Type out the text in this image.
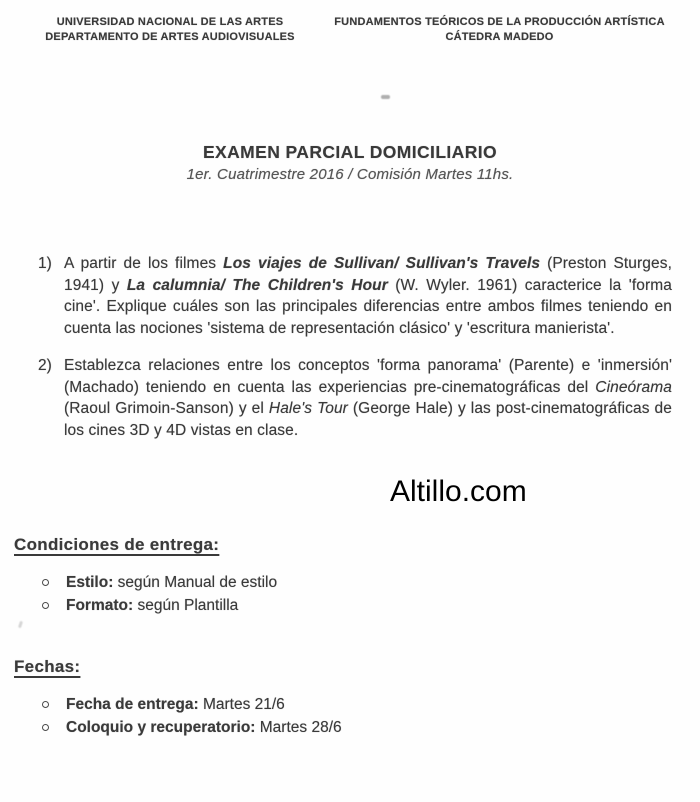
UNIVERSIDAD NACIONAL DE LAS ARTES
DEPARTAMENTO DE ARTES AUDIOVISUALES
FUNDAMENTOS TEÓRICOS DE LA PRODUCCIÓN ARTÍSTICA
CÁTEDRA MADEDO
EXAMEN PARCIAL DOMICILIARIO
1er. Cuatrimestre 2016 / Comisión Martes 11hs.
1) A partir de los filmes Los viajes de Sullivan/ Sullivan's Travels (Preston Sturges, 1941) y La calumnia/ The Children's Hour (W. Wyler. 1961) caracterice la 'forma cine'. Explique cuáles son las principales diferencias entre ambos filmes teniendo en cuenta las nociones 'sistema de representación clásico' y 'escritura manierista'.
2) Establezca relaciones entre los conceptos 'forma panorama' (Parente) e 'inmersión' (Machado) teniendo en cuenta las experiencias pre-cinematográficas del Cineórama (Raoul Grimoin-Sanson) y el Hale's Tour (George Hale) y las post-cinematográficas de los cines 3D y 4D vistas en clase.
Altillo.com
Condiciones de entrega:
Estilo: según Manual de estilo
Formato: según Plantilla
Fechas:
Fecha de entrega: Martes 21/6
Coloquio y recuperatorio: Martes 28/6
